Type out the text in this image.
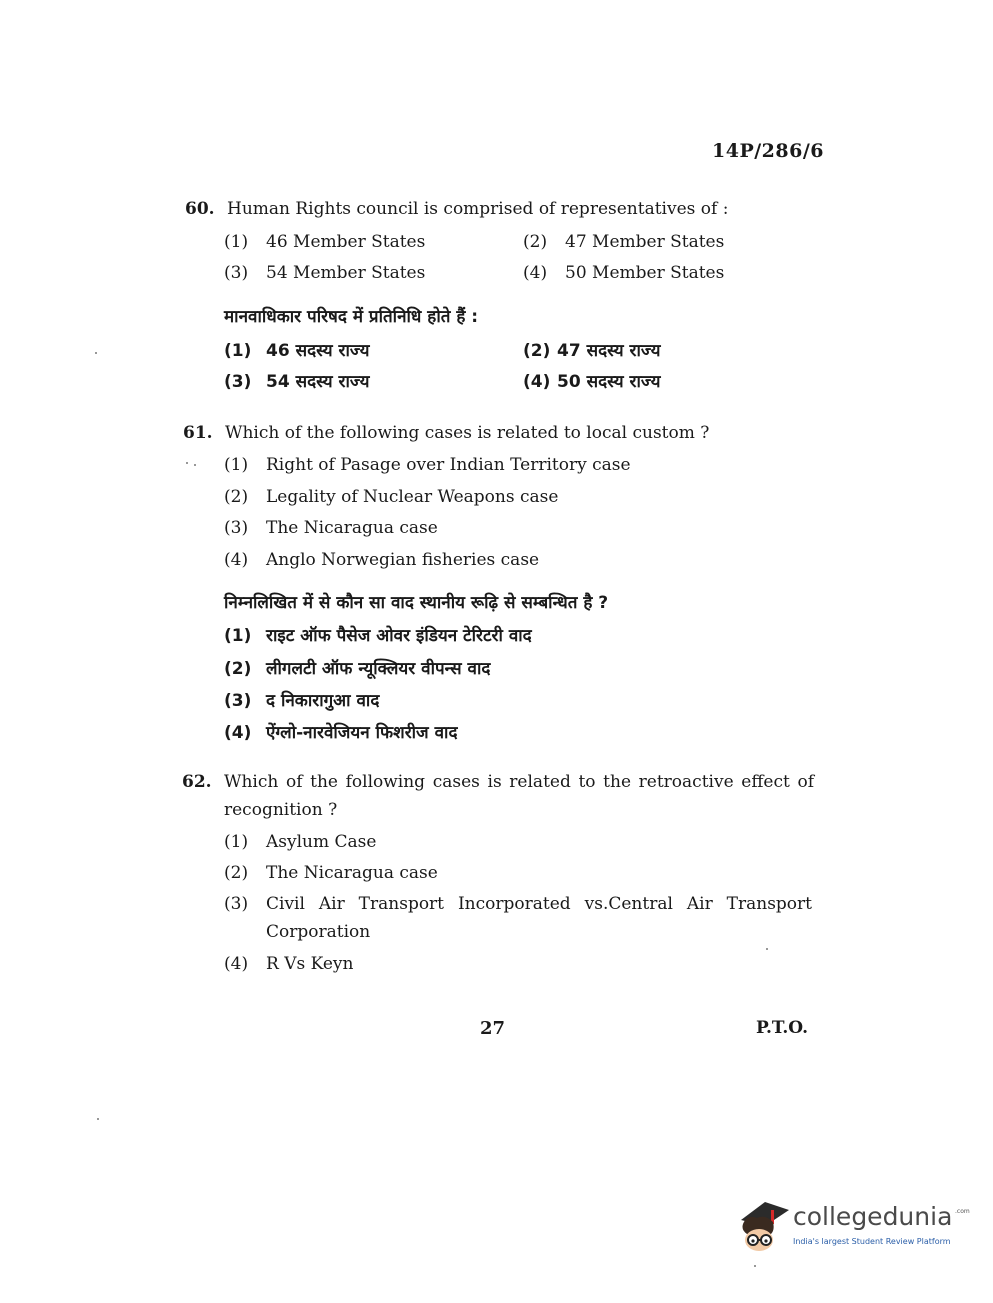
14P/286/6
60. Human Rights council is comprised of representatives of :
(1) 46 Member States	(2) 47 Member States
(3) 54 Member States	(4) 50 Member States
मानवाधिकार परिषद में प्रतिनिधि होते हैं :
(1) 46 सदस्य राज्य	(2) 47 सदस्य राज्य
(3) 54 सदस्य राज्य	(4) 50 सदस्य राज्य
61. Which of the following cases is related to local custom ?
(1) Right of Pasage over Indian Territory case
(2) Legality of Nuclear Weapons case
(3) The Nicaragua case
(4) Anglo Norwegian fisheries case
निम्नलिखित में से कौन सा वाद स्थानीय रूढ़ि से सम्बन्धित है ?
(1) राइट ऑफ पैसेज ओवर इंडियन टेरिटरी वाद
(2) लीगलटी ऑफ न्यूक्लियर वीपन्स वाद
(3) द निकारागुआ वाद
(4) ऐंग्लो-नारवेजियन फिशरीज वाद
62. Which of the following cases is related to the retroactive effect of
recognition ?
(1) Asylum Case
(2) The Nicaragua case
(3) Civil Air Transport Incorporated vs.Central Air Transport
Corporation
(4) R Vs Keyn
27	P.T.O.
collegedunia .com
India's largest Student Review Platform
